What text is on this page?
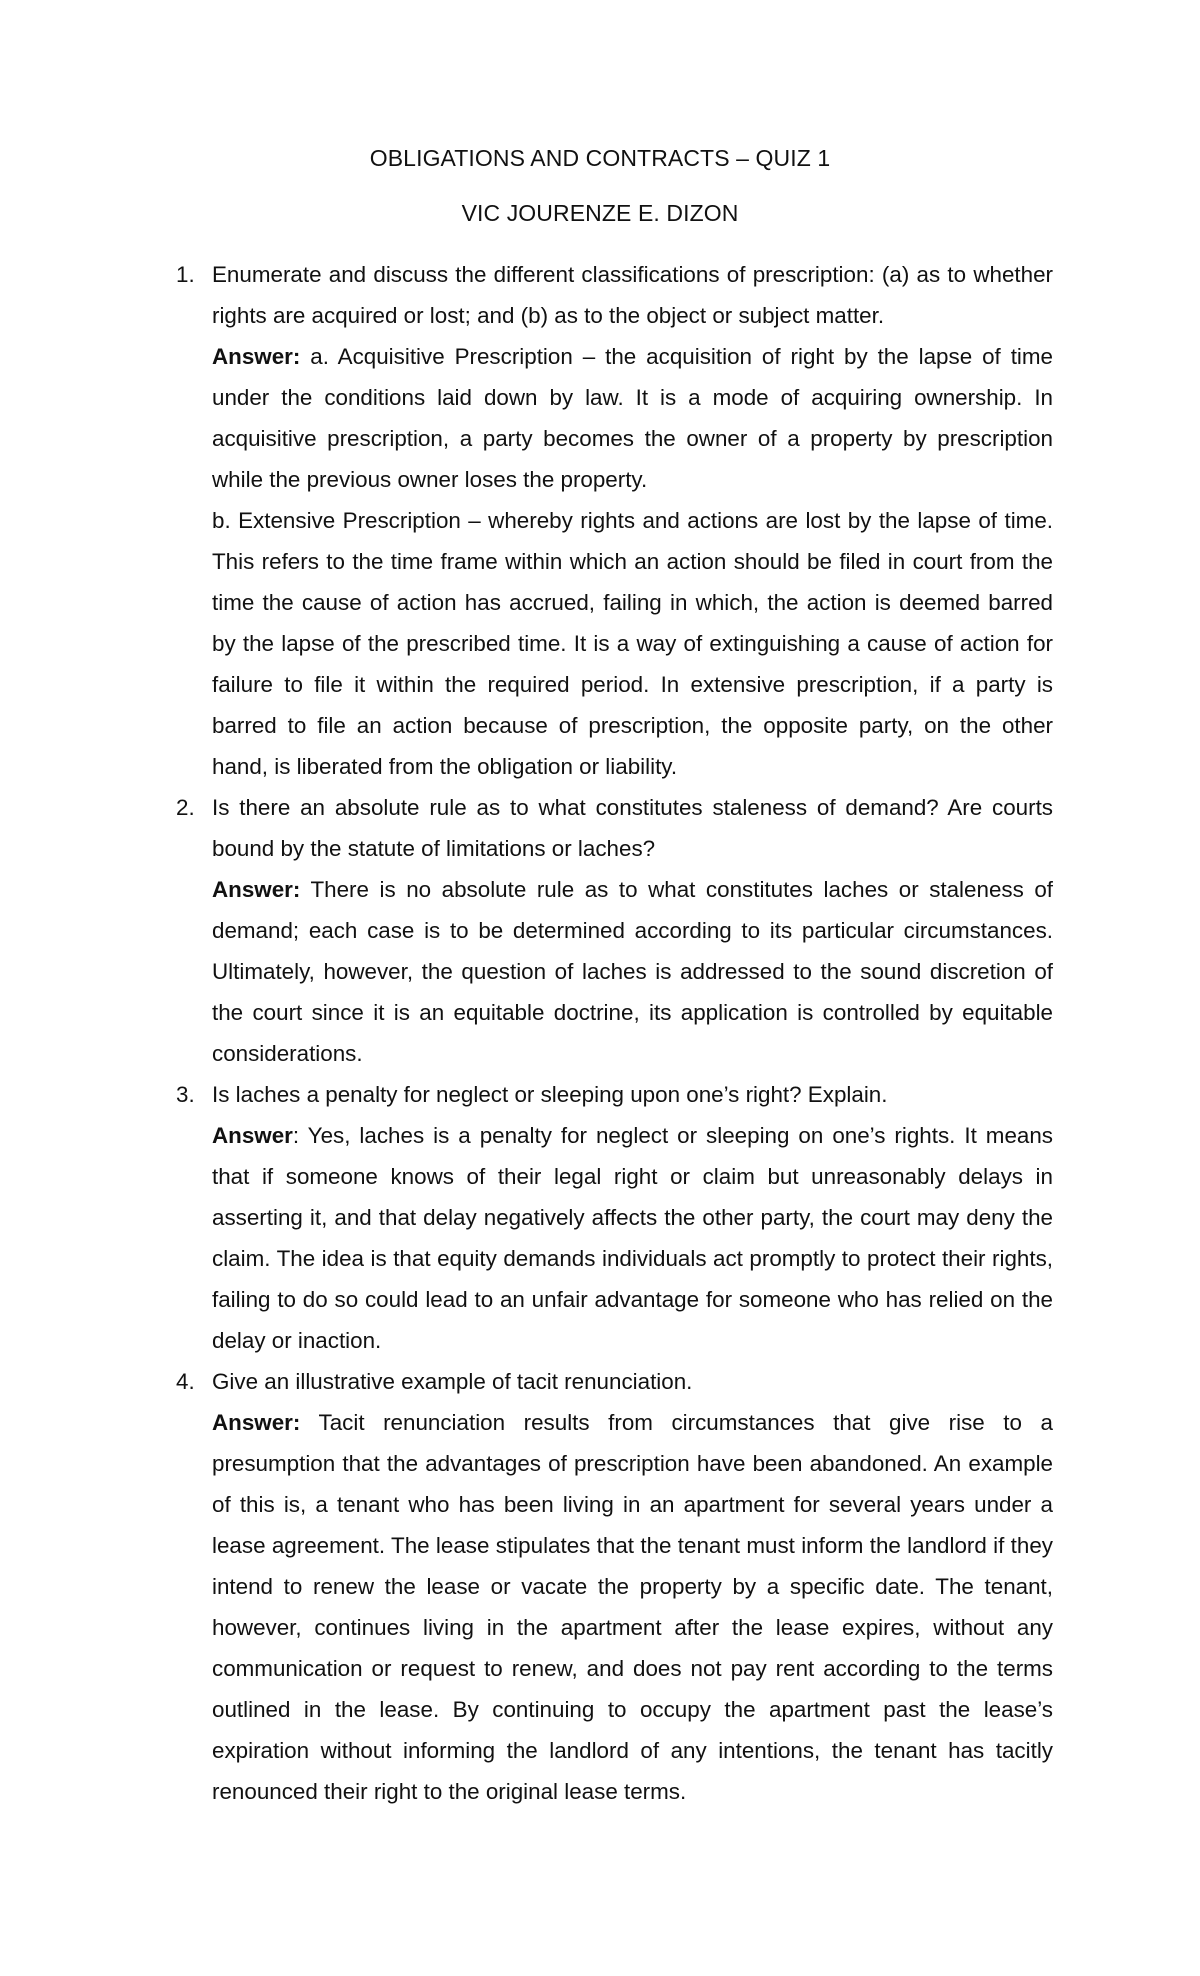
OBLIGATIONS AND CONTRACTS – QUIZ 1
VIC JOURENZE E. DIZON
1. Enumerate and discuss the different classifications of prescription: (a) as to whether rights are acquired or lost; and (b) as to the object or subject matter.

Answer: a. Acquisitive Prescription – the acquisition of right by the lapse of time under the conditions laid down by law. It is a mode of acquiring ownership. In acquisitive prescription, a party becomes the owner of a property by prescription while the previous owner loses the property.

b. Extensive Prescription – whereby rights and actions are lost by the lapse of time. This refers to the time frame within which an action should be filed in court from the time the cause of action has accrued, failing in which, the action is deemed barred by the lapse of the prescribed time. It is a way of extinguishing a cause of action for failure to file it within the required period. In extensive prescription, if a party is barred to file an action because of prescription, the opposite party, on the other hand, is liberated from the obligation or liability.

2. Is there an absolute rule as to what constitutes staleness of demand? Are courts bound by the statute of limitations or laches?

Answer: There is no absolute rule as to what constitutes laches or staleness of demand; each case is to be determined according to its particular circumstances. Ultimately, however, the question of laches is addressed to the sound discretion of the court since it is an equitable doctrine, its application is controlled by equitable considerations.

3. Is laches a penalty for neglect or sleeping upon one’s right? Explain.

Answer: Yes, laches is a penalty for neglect or sleeping on one’s rights. It means that if someone knows of their legal right or claim but unreasonably delays in asserting it, and that delay negatively affects the other party, the court may deny the claim. The idea is that equity demands individuals act promptly to protect their rights, failing to do so could lead to an unfair advantage for someone who has relied on the delay or inaction.

4. Give an illustrative example of tacit renunciation.

Answer: Tacit renunciation results from circumstances that give rise to a presumption that the advantages of prescription have been abandoned. An example of this is, a tenant who has been living in an apartment for several years under a lease agreement. The lease stipulates that the tenant must inform the landlord if they intend to renew the lease or vacate the property by a specific date. The tenant, however, continues living in the apartment after the lease expires, without any communication or request to renew, and does not pay rent according to the terms outlined in the lease. By continuing to occupy the apartment past the lease’s expiration without informing the landlord of any intentions, the tenant has tacitly renounced their right to the original lease terms.
